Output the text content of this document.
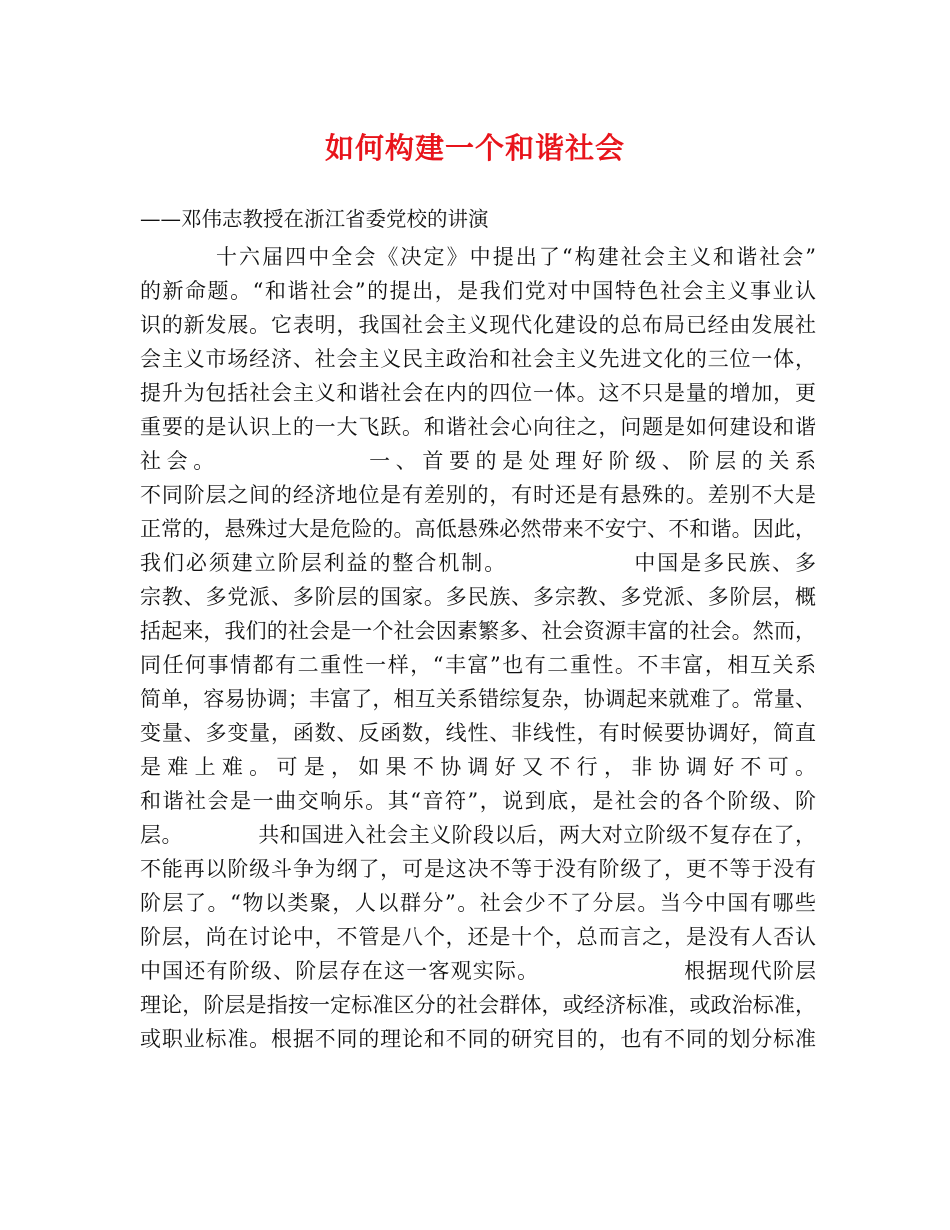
如何构建一个和谐社会
——邓伟志教授在浙江省委党校的讲演
十六届四中全会《决定》中提出了“构建社会主义和谐社会”
的新命题。“和谐社会”的提出，是我们党对中国特色社会主义事业认
识的新发展。它表明，我国社会主义现代化建设的总布局已经由发展社
会主义市场经济、社会主义民主政治和社会主义先进文化的三位一体，
提升为包括社会主义和谐社会在内的四位一体。这不只是量的增加，更
重要的是认识上的一大飞跃。和谐社会心向往之，问题是如何建设和谐
社会。　　　　　　一、首要的是处理好阶级、阶层的关系
不同阶层之间的经济地位是有差别的，有时还是有悬殊的。差别不大是
正常的，悬殊过大是危险的。高低悬殊必然带来不安宁、不和谐。因此，
我们必须建立阶层利益的整合机制。　　　　　　中国是多民族、多
宗教、多党派、多阶层的国家。多民族、多宗教、多党派、多阶层，概
括起来，我们的社会是一个社会因素繁多、社会资源丰富的社会。然而，
同任何事情都有二重性一样，“丰富”也有二重性。不丰富，相互关系
简单，容易协调；丰富了，相互关系错综复杂，协调起来就难了。常量、
变量、多变量，函数、反函数，线性、非线性，有时候要协调好，简直
是难上难。可是，如果不协调好又不行，非协调好不可。
和谐社会是一曲交响乐。其“音符”，说到底，是社会的各个阶级、阶
层。　　　　共和国进入社会主义阶段以后，两大对立阶级不复存在了，
不能再以阶级斗争为纲了，可是这决不等于没有阶级了，更不等于没有
阶层了。“物以类聚，人以群分”。社会少不了分层。当今中国有哪些
阶层，尚在讨论中，不管是八个，还是十个，总而言之，是没有人否认
中国还有阶级、阶层存在这一客观实际。　　　　　　　根据现代阶层
理论，阶层是指按一定标准区分的社会群体，或经济标准，或政治标准，
或职业标准。根据不同的理论和不同的研究目的，也有不同的划分标准
